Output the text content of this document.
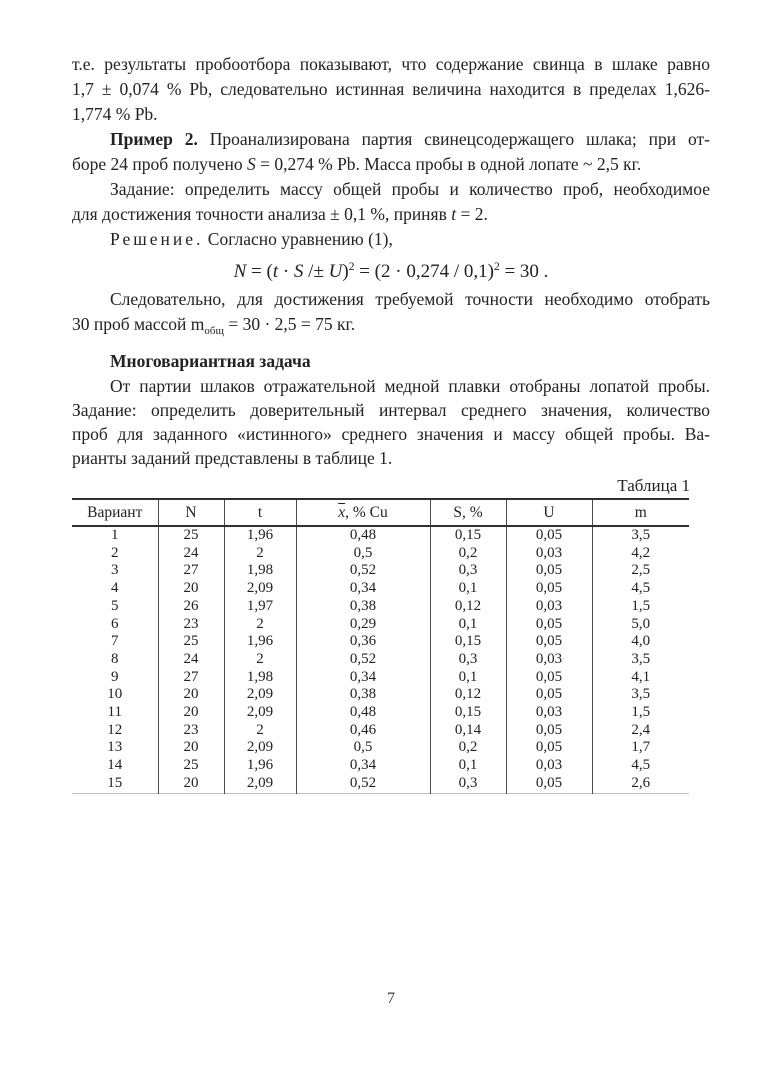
т.е. результаты пробоотбора показывают, что содержание свинца в шлаке равно
1,7 ± 0,074 % Pb, следовательно истинная величина находится в пределах 1,626-
1,774 % Pb.
Пример 2. Проанализирована партия свинецсодержащего шлака; при от-
боре 24 проб получено S = 0,274 % Pb. Масса пробы в одной лопате ~ 2,5 кг.
Задание: определить массу общей пробы и количество проб, необходимое
для достижения точности анализа ± 0,1 %, приняв t = 2.
Решение. Согласно уравнению (1),
$N = (t \cdot S /\pm U)^2 = (2 \cdot 0,274 / 0,1)^2 = 30$ .
Следовательно, для достижения требуемой точности необходимо отобрать
30 проб массой $m_{общ} = 30 \cdot 2,5 = 75$ кг.
Многовариантная задача
От партии шлаков отражательной медной плавки отобраны лопатой пробы.
Задание: определить доверительный интервал среднего значения, количество
проб для заданного «истинного» среднего значения и массу общей пробы. Ва-
рианты заданий представлены в таблице 1.
Таблица 1
Вариант	N	t	$\overline{x}$, % Cu	S, %	U	m
1	25	1,96	0,48	0,15	0,05	3,5
2	24	2	0,5	0,2	0,03	4,2
3	27	1,98	0,52	0,3	0,05	2,5
4	20	2,09	0,34	0,1	0,05	4,5
5	26	1,97	0,38	0,12	0,03	1,5
6	23	2	0,29	0,1	0,05	5,0
7	25	1,96	0,36	0,15	0,05	4,0
8	24	2	0,52	0,3	0,03	3,5
9	27	1,98	0,34	0,1	0,05	4,1
10	20	2,09	0,38	0,12	0,05	3,5
11	20	2,09	0,48	0,15	0,03	1,5
12	23	2	0,46	0,14	0,05	2,4
13	20	2,09	0,5	0,2	0,05	1,7
14	25	1,96	0,34	0,1	0,03	4,5
15	20	2,09	0,52	0,3	0,05	2,6
7
